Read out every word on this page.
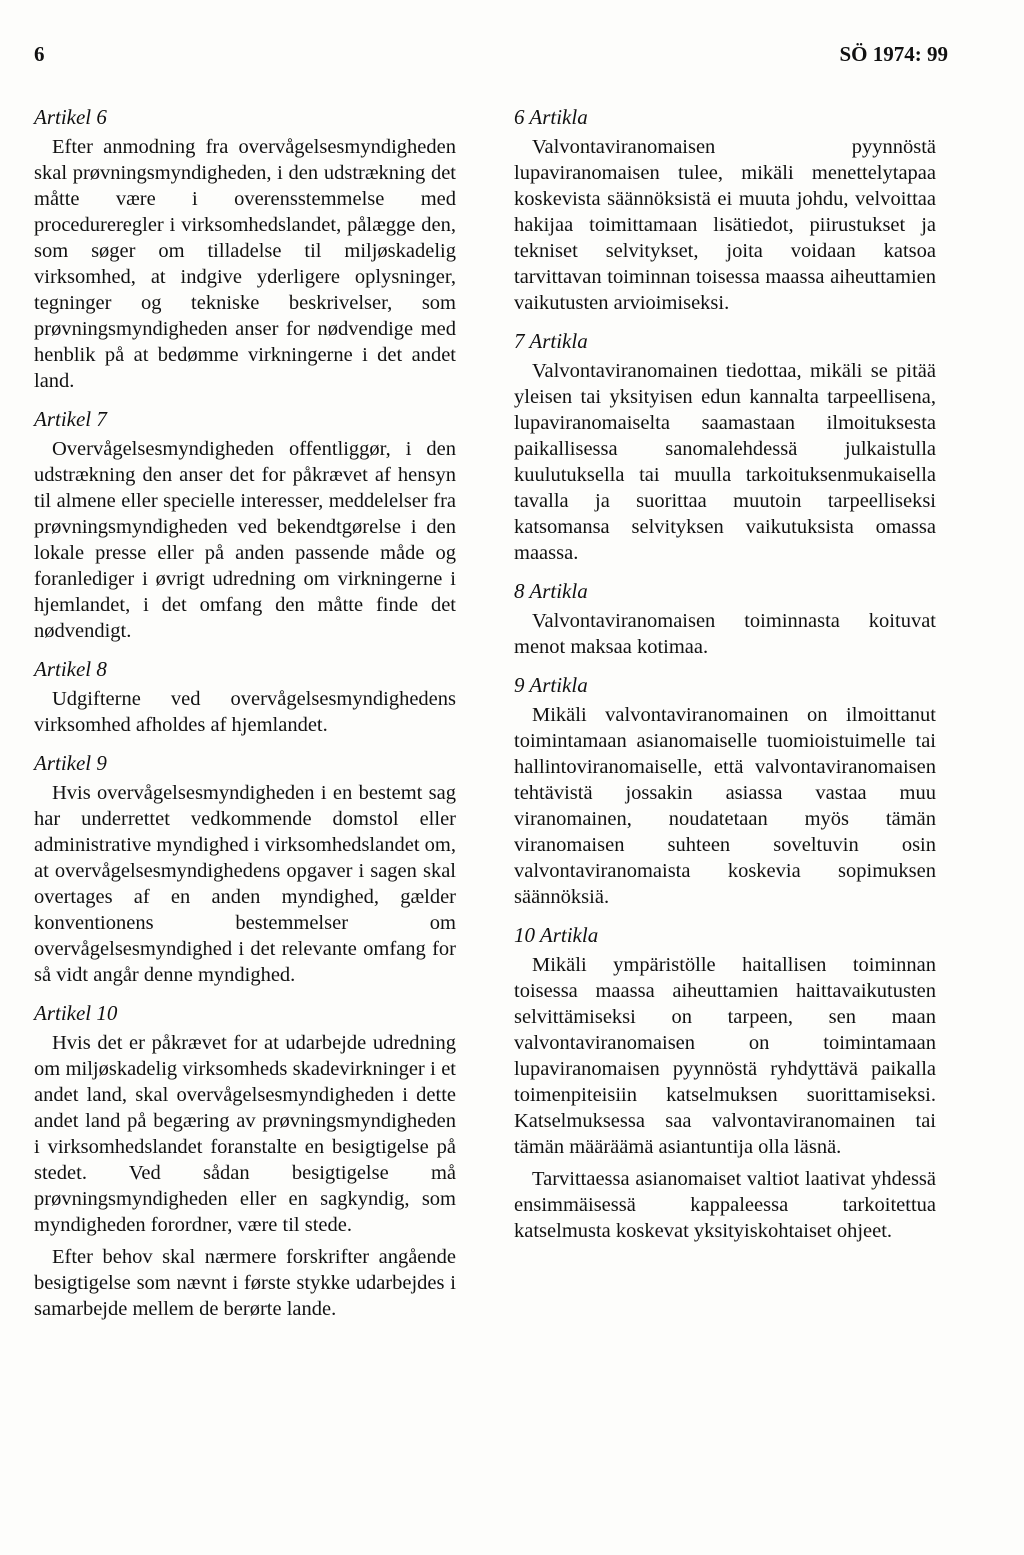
6	SÖ 1974: 99
Artikel 6

Efter anmodning fra overvågelsesmyndigheden skal prøvningsmyndigheden, i den udstrækning det måtte være i overensstemmelse med procedureregler i virksomhedslandet, pålægge den, som søger om tilladelse til miljøskadelig virksomhed, at indgive yderligere oplysninger, tegninger og tekniske beskrivelser, som prøvningsmyndigheden anser for nødvendige med henblik på at bedømme virkningerne i det andet land.

Artikel 7

Overvågelsesmyndigheden offentliggør, i den udstrækning den anser det for påkrævet af hensyn til almene eller specielle interesser, meddelelser fra prøvningsmyndigheden ved bekendtgørelse i den lokale presse eller på anden passende måde og foranlediger i øvrigt udredning om virkningerne i hjemlandet, i det omfang den måtte finde det nødvendigt.

Artikel 8

Udgifterne ved overvågelsesmyndighedens virksomhed afholdes af hjemlandet.

Artikel 9

Hvis overvågelsesmyndigheden i en bestemt sag har underrettet vedkommende domstol eller administrative myndighed i virksomhedslandet om, at overvågelsesmyndighedens opgaver i sagen skal overtages af en anden myndighed, gælder konventionens bestemmelser om overvågelsesmyndighed i det relevante omfang for så vidt angår denne myndighed.

Artikel 10

Hvis det er påkrævet for at udarbejde udredning om miljøskadelig virksomheds skadevirkninger i et andet land, skal overvågelsesmyndigheden i dette andet land på begæring av prøvningsmyndigheden i virksomhedslandet foranstalte en besigtigelse på stedet. Ved sådan besigtigelse må prøvningsmyndigheden eller en sagkyndig, som myndigheden forordner, være til stede.

Efter behov skal nærmere forskrifter angående besigtigelse som nævnt i første stykke udarbejdes i samarbejde mellem de berørte lande.

6 Artikla

Valvontaviranomaisen pyynnöstä lupaviranomaisen tulee, mikäli menettelytapaa koskevista säännöksistä ei muuta johdu, velvoittaa hakijaa toimittamaan lisätiedot, piirustukset ja tekniset selvitykset, joita voidaan katsoa tarvittavan toiminnan toisessa maassa aiheuttamien vaikutusten arvioimiseksi.

7 Artikla

Valvontaviranomainen tiedottaa, mikäli se pitää yleisen tai yksityisen edun kannalta tarpeellisena, lupaviranomaiselta saamastaan ilmoituksesta paikallisessa sanomalehdessä julkaistulla kuulutuksella tai muulla tarkoituksenmukaisella tavalla ja suorittaa muutoin tarpeelliseksi katsomansa selvityksen vaikutuksista omassa maassa.

8 Artikla

Valvontaviranomaisen toiminnasta koituvat menot maksaa kotimaa.

9 Artikla

Mikäli valvontaviranomainen on ilmoittanut toimintamaan asianomaiselle tuomioistuimelle tai hallintoviranomaiselle, että valvontaviranomaisen tehtävistä jossakin asiassa vastaa muu viranomainen, noudatetaan myös tämän viranomaisen suhteen soveltuvin osin valvontaviranomaista koskevia sopimuksen säännöksiä.

10 Artikla

Mikäli ympäristölle haitallisen toiminnan toisessa maassa aiheuttamien haittavaikutusten selvittämiseksi on tarpeen, sen maan valvontaviranomaisen on toimintamaan lupaviranomaisen pyynnöstä ryhdyttävä paikalla toimenpiteisiin katselmuksen suorittamiseksi. Katselmuksessa saa valvontaviranomainen tai tämän määräämä asiantuntija olla läsnä.

Tarvittaessa asianomaiset valtiot laativat yhdessä ensimmäisessä kappaleessa tarkoitettua katselmusta koskevat yksityiskohtaiset ohjeet.
